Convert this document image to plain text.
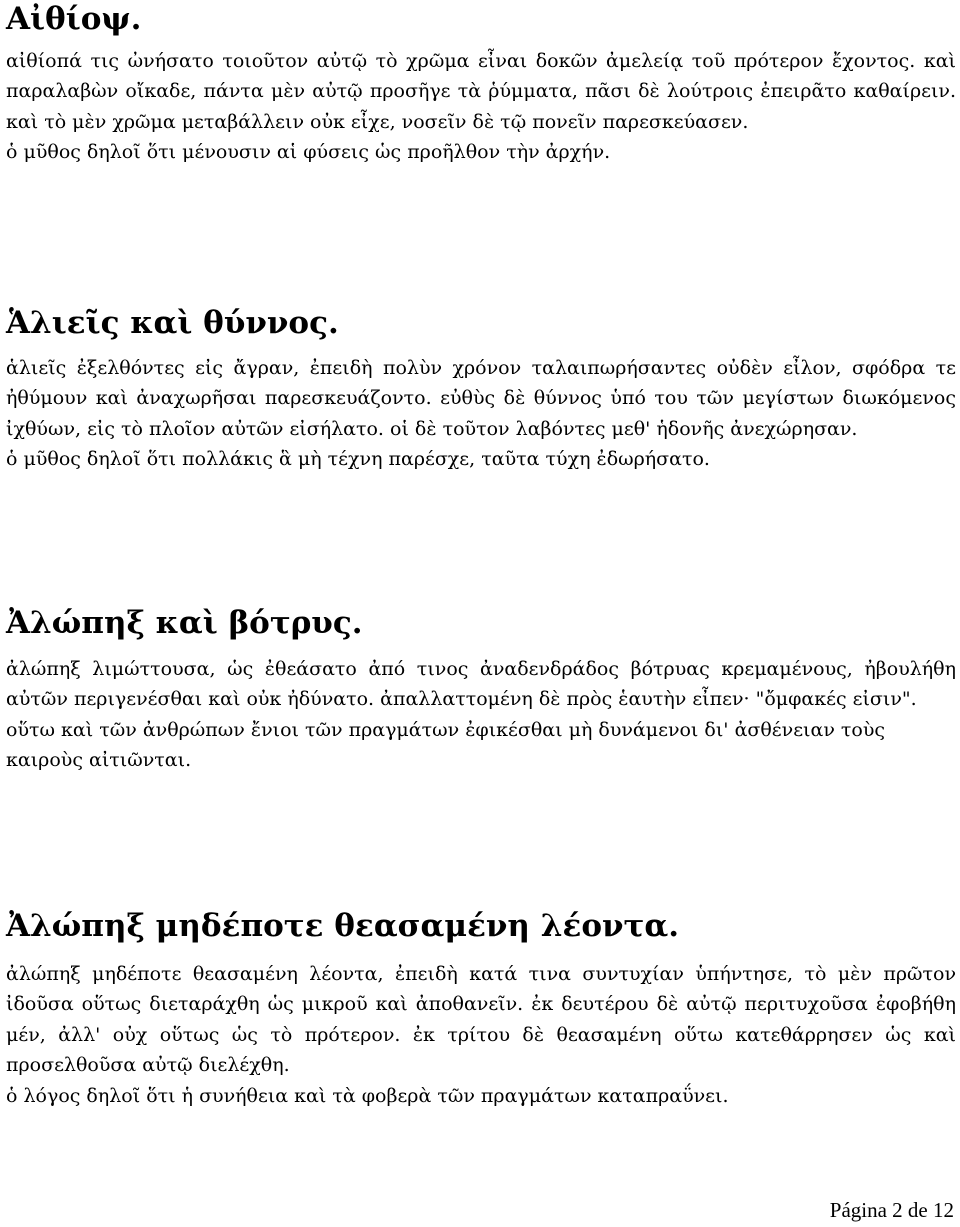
Αἰθίοψ.

αἰθίοπά τις ὠνήσατο τοιοῦτον αὐτῷ τὸ χρῶμα εἶναι δοκῶν ἀμελείᾳ τοῦ πρότερον ἔχοντος. καὶ παραλαβὼν οἴκαδε, πάντα μὲν αὐτῷ προσῆγε τὰ ῥύμματα, πᾶσι δὲ λούτροις ἐπειρᾶτο καθαίρειν. καὶ τὸ μὲν χρῶμα μεταβάλλειν οὐκ εἶχε, νοσεῖν δὲ τῷ πονεῖν παρεσκεύασεν.

ὁ μῦθος δηλοῖ ὅτι μένουσιν αἱ φύσεις ὡς προῆλθον τὴν ἀρχήν.

Ἁλιεῖς καὶ θύννος.

ἁλιεῖς ἐξελθόντες εἰς ἄγραν, ἐπειδὴ πολὺν χρόνον ταλαιπωρήσαντες οὐδὲν εἶλον, σφόδρα τε ἠθύμουν καὶ ἀναχωρῆσαι παρεσκευάζοντο. εὐθὺς δὲ θύννος ὑπό του τῶν μεγίστων διωκόμενος ἰχθύων, εἰς τὸ πλοῖον αὐτῶν εἰσήλατο. οἱ δὲ τοῦτον λαβόντες μεθ' ἡδονῆς ἀνεχώρησαν.

ὁ μῦθος δηλοῖ ὅτι πολλάκις ἃ μὴ τέχνη παρέσχε, ταῦτα τύχη ἐδωρήσατο.

Ἀλώπηξ καὶ βότρυς.

ἀλώπηξ λιμώττουσα, ὡς ἐθεάσατο ἀπό τινος ἀναδενδράδος βότρυας κρεμαμένους, ἠβουλήθη αὐτῶν περιγενέσθαι καὶ οὐκ ἠδύνατο. ἀπαλλαττομένη δὲ πρὸς ἑαυτὴν εἶπεν· "ὄμφακές εἰσιν".

οὕτω καὶ τῶν ἀνθρώπων ἔνιοι τῶν πραγμάτων ἐφικέσθαι μὴ δυνάμενοι δι' ἀσθένειαν τοὺς καιροὺς αἰτιῶνται.

Ἀλώπηξ μηδέποτε θεασαμένη λέοντα.

ἀλώπηξ μηδέποτε θεασαμένη λέοντα, ἐπειδὴ κατά τινα συντυχίαν ὑπήντησε, τὸ μὲν πρῶτον ἰδοῦσα οὕτως διεταράχθη ὡς μικροῦ καὶ ἀποθανεῖν. ἐκ δευτέρου δὲ αὐτῷ περιτυχοῦσα ἐφοβήθη μέν, ἀλλ' οὐχ οὕτως ὡς τὸ πρότερον. ἐκ τρίτου δὲ θεασαμένη οὕτω κατεθάρρησεν ὡς καὶ προσελθοῦσα αὐτῷ διελέχθη.

ὁ λόγος δηλοῖ ὅτι ἡ συνήθεια καὶ τὰ φοβερὰ τῶν πραγμάτων καταπραΰνει.

Página 2 de 12
